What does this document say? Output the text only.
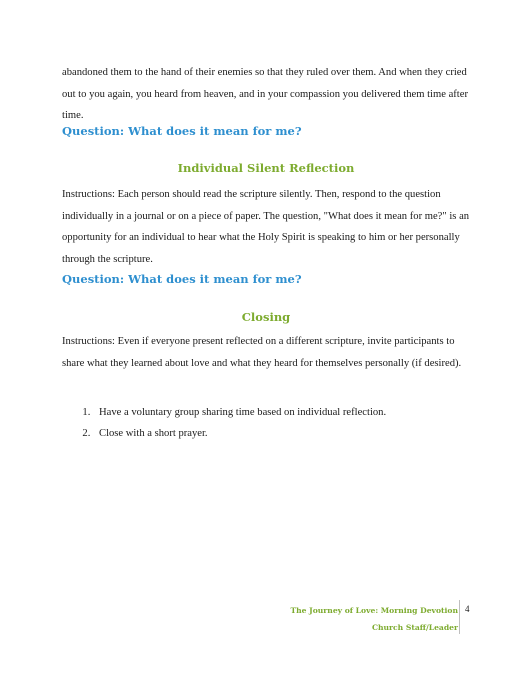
abandoned them to the hand of their enemies so that they ruled over them. And when they cried out to you again, you heard from heaven, and in your compassion you delivered them time after time.

Question: What does it mean for me?
Individual Silent Reflection

Instructions: Each person should read the scripture silently. Then, respond to the question individually in a journal or on a piece of paper. The question, "What does it mean for me?" is an opportunity for an individual to hear what the Holy Spirit is speaking to him or her personally through the scripture.

Question: What does it mean for me?
Closing

Instructions: Even if everyone present reflected on a different scripture, invite participants to share what they learned about love and what they heard for themselves personally (if desired).

1. Have a voluntary group sharing time based on individual reflection.
2. Close with a short prayer.
The Journey of Love: Morning Devotion
Church Staff/Leader
4
